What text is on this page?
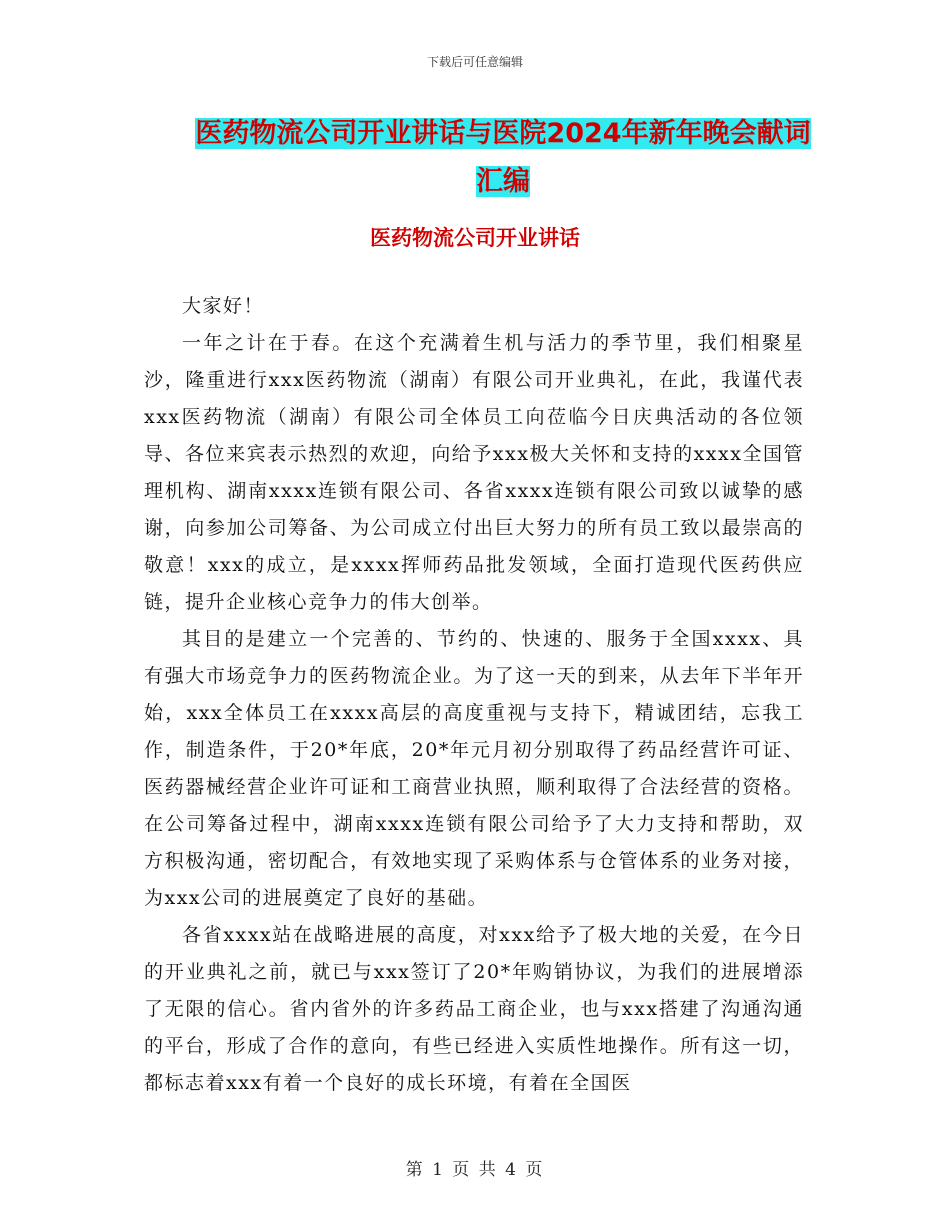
下载后可任意编辑
医药物流公司开业讲话与医院2024年新年晚会献词汇编
医药物流公司开业讲话

大家好！

一年之计在于春。在这个充满着生机与活力的季节里，我们相聚星沙，隆重进行xxx医药物流（湖南）有限公司开业典礼，在此，我谨代表xxx医药物流（湖南）有限公司全体员工向莅临今日庆典活动的各位领导、各位来宾表示热烈的欢迎，向给予xxx极大关怀和支持的xxxx全国管理机构、湖南xxxx连锁有限公司、各省xxxx连锁有限公司致以诚挚的感谢，向参加公司筹备、为公司成立付出巨大努力的所有员工致以最崇高的敬意！xxx的成立，是xxxx挥师药品批发领域，全面打造现代医药供应链，提升企业核心竞争力的伟大创举。

其目的是建立一个完善的、节约的、快速的、服务于全国xxxx、具有强大市场竞争力的医药物流企业。为了这一天的到来，从去年下半年开始，xxx全体员工在xxxx高层的高度重视与支持下，精诚团结，忘我工作，制造条件，于20*年底，20*年元月初分别取得了药品经营许可证、医药器械经营企业许可证和工商营业执照，顺利取得了合法经营的资格。在公司筹备过程中，湖南xxxx连锁有限公司给予了大力支持和帮助，双方积极沟通，密切配合，有效地实现了采购体系与仓管体系的业务对接，为xxx公司的进展奠定了良好的基础。

各省xxxx站在战略进展的高度，对xxx给予了极大地的关爱，在今日的开业典礼之前，就已与xxx签订了20*年购销协议，为我们的进展增添了无限的信心。省内省外的许多药品工商企业，也与xxx搭建了沟通沟通的平台，形成了合作的意向，有些已经进入实质性地操作。所有这一切，都标志着xxx有着一个良好的成长环境，有着在全国医

第 1 页 共 4 页
